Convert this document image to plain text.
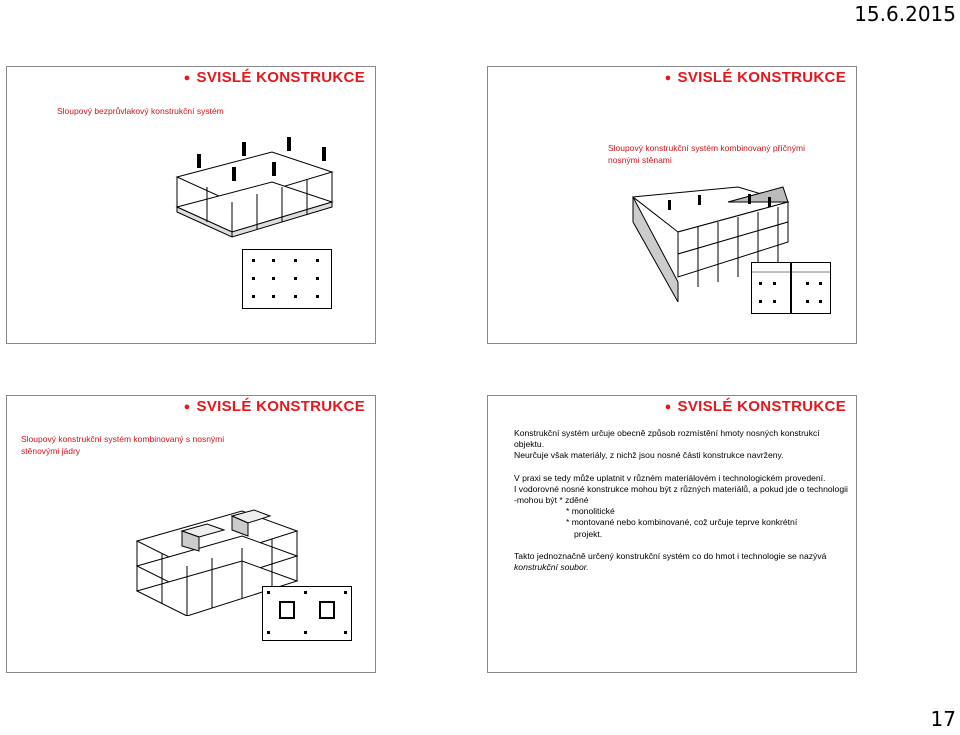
15.6.2015
● SVISLÉ KONSTRUKCE
Sloupový bezprůvlakový konstrukční systém
● SVISLÉ KONSTRUKCE
Sloupový konstrukční systém kombinovaný příčnými
nosnými stěnami
● SVISLÉ KONSTRUKCE
Sloupový konstrukční systém kombinovaný s nosnými
stěnovými jádry
● SVISLÉ KONSTRUKCE

Konstrukční systém určuje obecně způsob rozmístění hmoty nosných konstrukcí objektu.

Neurčuje však materiály, z nichž jsou nosné části konstrukce navrženy.

V praxi se tedy může uplatnit v různém materiálovém i technologickém provedení.

I vodorovné nosné konstrukce mohou být z různých materiálů, a pokud jde o technologii

-mohou být * zděné

* monolitické

* montované nebo kombinované, což určuje teprve konkrétní

projekt.

Takto jednoznačně určený konstrukční systém co do hmot i technologie se nazývá konstrukční soubor.

17
